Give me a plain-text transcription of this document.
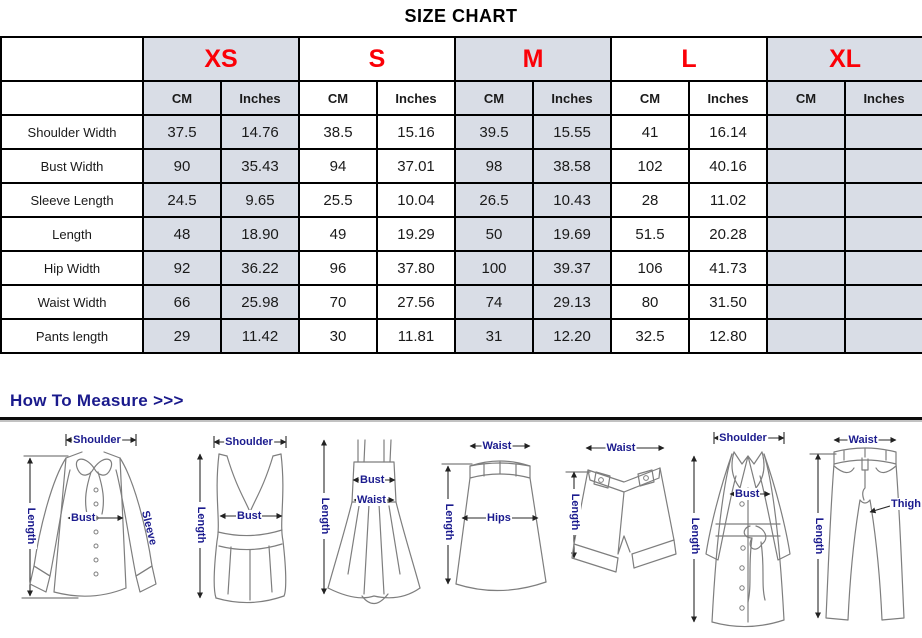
SIZE CHART
	XS		S		M		L		XL	
	CM	Inches	CM	Inches	CM	Inches	CM	Inches	CM	Inches
Shoulder Width	37.5	14.76	38.5	15.16	39.5	15.55	41	16.14		
Bust Width	90	35.43	94	37.01	98	38.58	102	40.16		
Sleeve Length	24.5	9.65	25.5	10.04	26.5	10.43	28	11.02		
Length	48	18.90	49	19.29	50	19.69	51.5	20.28		
Hip Width	92	36.22	96	37.80	100	39.37	106	41.73		
Waist Width	66	25.98	70	27.56	74	29.13	80	31.50		
Pants length	29	11.42	30	11.81	31	12.20	32.5	12.80		
How To Measure >>>
Shoulder
Bust
Length	Sleeve
Shoulder
Bust
Length
Bust
Waist
Length
Waist
Hips
Length
Waist
Length
Shoulder
Bust
Length
Waist
Thigh
Length
